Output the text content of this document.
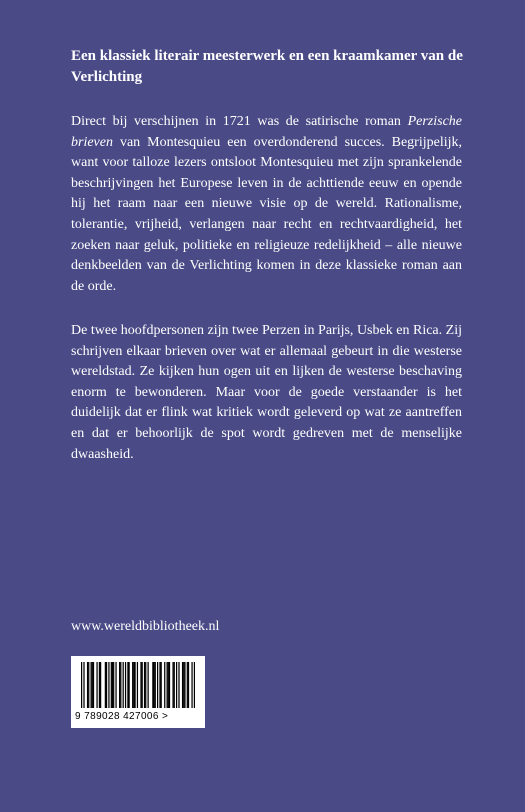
Een klassiek literair meesterwerk en een kraamkamer van de Verlichting

Direct bij verschijnen in 1721 was de satirische roman Perzische brieven van Montesquieu een overdonderend succes. Begrijpelijk, want voor talloze lezers ontsloot Montesquieu met zijn sprankelende beschrijvingen het Europese leven in de achttiende eeuw en opende hij het raam naar een nieuwe visie op de wereld. Rationalisme, tolerantie, vrijheid, verlangen naar recht en rechtvaardigheid, het zoeken naar geluk, politieke en religieuze redelijkheid – alle nieuwe denkbeelden van de Verlichting komen in deze klassieke roman aan de orde.

De twee hoofdpersonen zijn twee Perzen in Parijs, Usbek en Rica. Zij schrijven elkaar brieven over wat er allemaal gebeurt in die westerse wereldstad. Ze kijken hun ogen uit en lijken de westerse beschaving enorm te bewonderen. Maar voor de goede verstaander is het duidelijk dat er flink wat kritiek wordt geleverd op wat ze aantreffen en dat er behoorlijk de spot wordt gedreven met de menselijke dwaasheid.

www.wereldbibliotheek.nl
9 789028 427006 >
